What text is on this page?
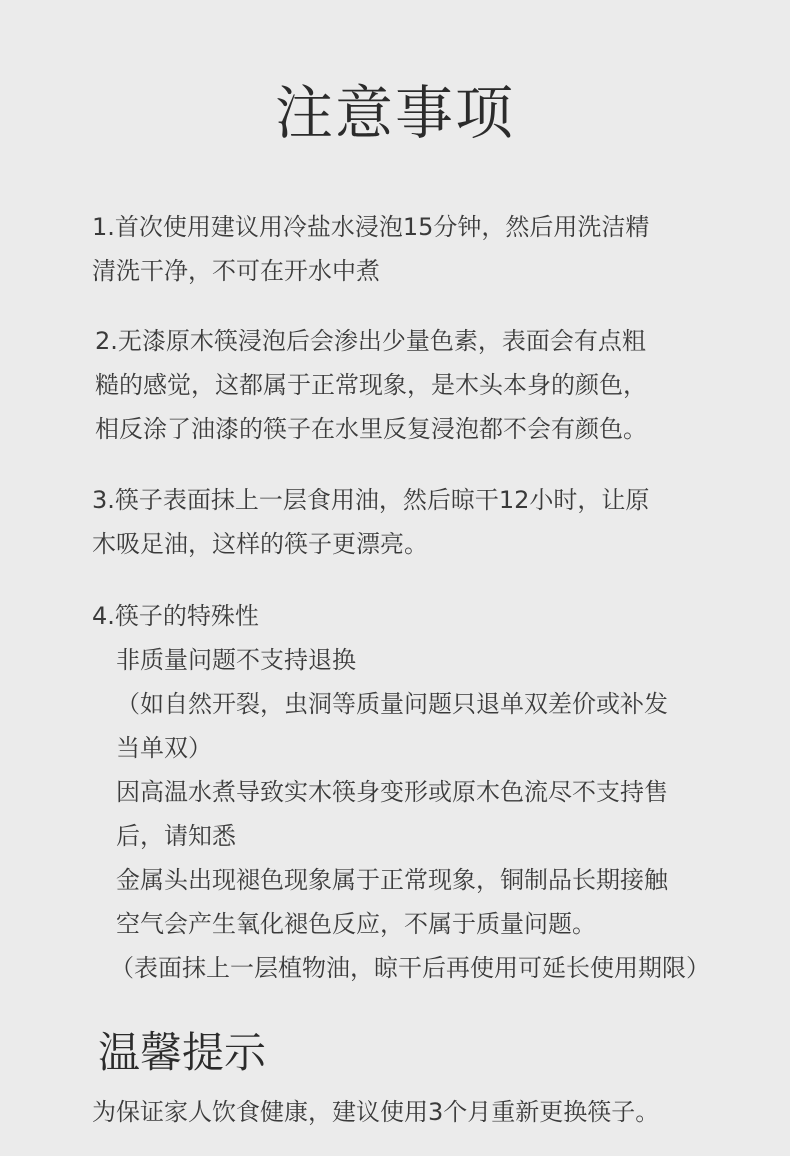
注意事项
1.首次使用建议用冷盐水浸泡15分钟，然后用洗洁精
清洗干净，不可在开水中煮
2.无漆原木筷浸泡后会渗出少量色素，表面会有点粗
糙的感觉，这都属于正常现象，是木头本身的颜色，
相反涂了油漆的筷子在水里反复浸泡都不会有颜色。
3.筷子表面抹上一层食用油，然后晾干12小时，让原
木吸足油，这样的筷子更漂亮。
4.筷子的特殊性
非质量问题不支持退换
（如自然开裂，虫洞等质量问题只退单双差价或补发
当单双）
因高温水煮导致实木筷身变形或原木色流尽不支持售
后，请知悉
金属头出现褪色现象属于正常现象，铜制品长期接触
空气会产生氧化褪色反应，不属于质量问题。
（表面抹上一层植物油，晾干后再使用可延长使用期限）
温馨提示
为保证家人饮食健康，建议使用3个月重新更换筷子。
